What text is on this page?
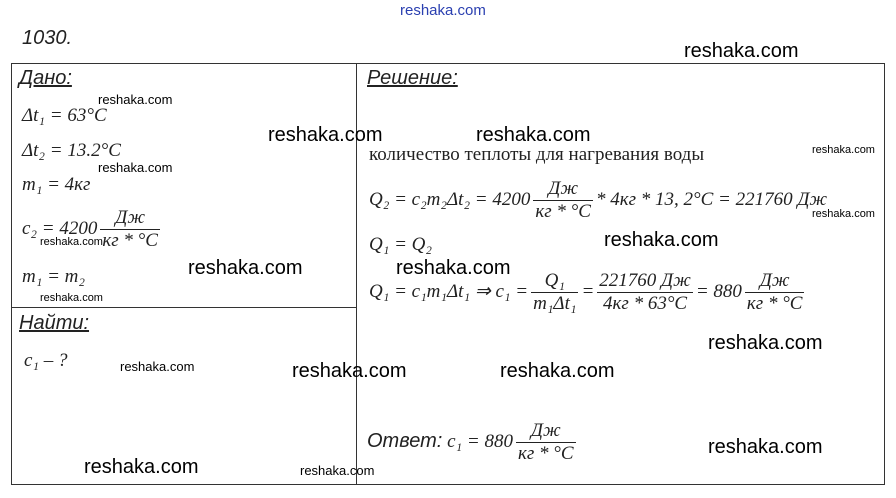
reshaka.com
1030.
Дано:
Δt₁ = 63°C
Δt₂ = 13.2°C
m₁ = 4кг
$c_2 = 4200 \frac{Дж}{кг * ^\circ C}$
m₁ = m₂
Найти:
c₁ – ?
Решение:
количество теплоты для нагревания воды
$Q_2 = c_2m_2\Delta t_2 = 4200 \frac{Дж}{кг * ^\circ C} * 4кг * 13$, 2°C = 221760 Дж
Q₁ = Q₂
Q₁ = c₁m₁Δt₁ ⇒ $c_1 = \frac{\text{Q₁}}{\text{m₁Δt₁}} = \frac{221760 Дж}{4кг * 63^\circ C} = 880 \frac{Дж}{кг * ^\circ C}$
Ответ: $c_1 = 880 \frac{Дж}{кг * ^\circ C}$
reshaka.com
reshaka.com
reshaka.com	reshaka.com
reshaka.com
reshaka.com
reshaka.com
reshaka.com	reshaka.com
reshaka.com	reshaka.com
reshaka.com
reshaka.com
reshaka.com	reshaka.com	reshaka.com
reshaka.com
reshaka.com	reshaka.com
